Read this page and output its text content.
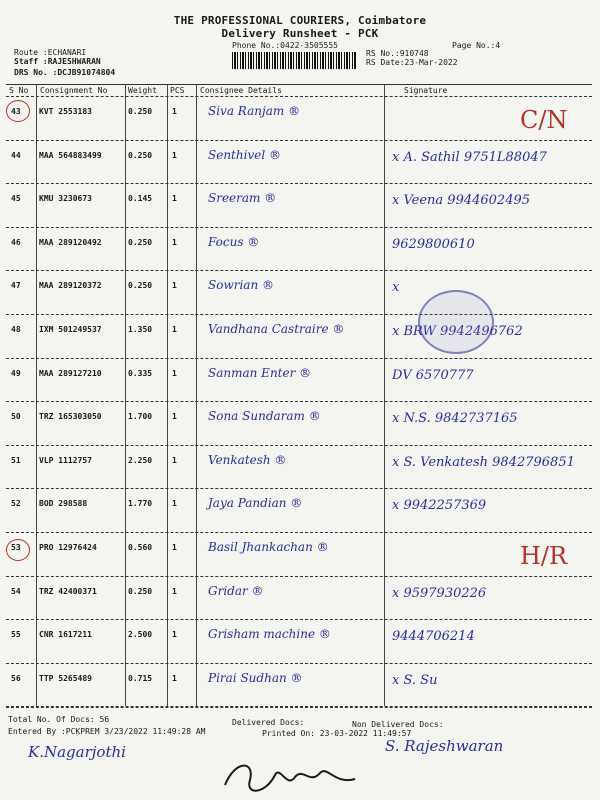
THE PROFESSIONAL COURIERS, Coimbatore
Delivery Runsheet - PCK
Phone No.:0422-3505555	Page No.:4
Route :ECHANARI
Staff :RAJESHWARAN
DRS No. :DCJB91074804
RS No.:910748
RS Date:23-Mar-2022
S No Consignment No	Weight PCS Consignee Details	Signature
43 KVT 2553183	0.250 1	Siva Ranjam ®	C/N
44 MAA 564883499	0.250 1	Senthivel ®	x A. Sathil 9751L88047
45 KMU 3230673	0.145 1	Sreeram ®	x Veena 9944602495
46 MAA 289120492	0.250 1	Focus ®	9629800610
47 MAA 289120372	0.250 1	Sowrian ®	x
48 IXM 501249537	1.350 1	Vandhana Castraire ®	x BRW 9942496762
49 MAA 289127210	0.335 1	Sanman Enter ®	DV 6570777
50 TRZ 165303050	1.700 1	Sona Sundaram ®	x N.S. 9842737165
51 VLP 1112757	2.250 1	Venkatesh ®	x S. Venkatesh 9842796851
52 BOD 298588	1.770 1	Jaya Pandian ®	x 9942257369
53 PRO 12976424	0.560 1	Basil Jhankachan ®	H/R
54 TRZ 42400371	0.250 1	Gridar ®	x 9597930226
55 CNR 1617211	2.500 1	Grisham machine ®	9444706214
56 TTP 5265489	0.715 1	Pirai Sudhan ®	x S. Su
Total No. Of Docs: 56	Delivered Docs:	Non Delivered Docs:
Entered By :PCKPREM 3/23/2022 11:49:28 AM	Printed On: 23-03-2022 11:49:57
K.Nagarjothi	S. Rajeshwaran
